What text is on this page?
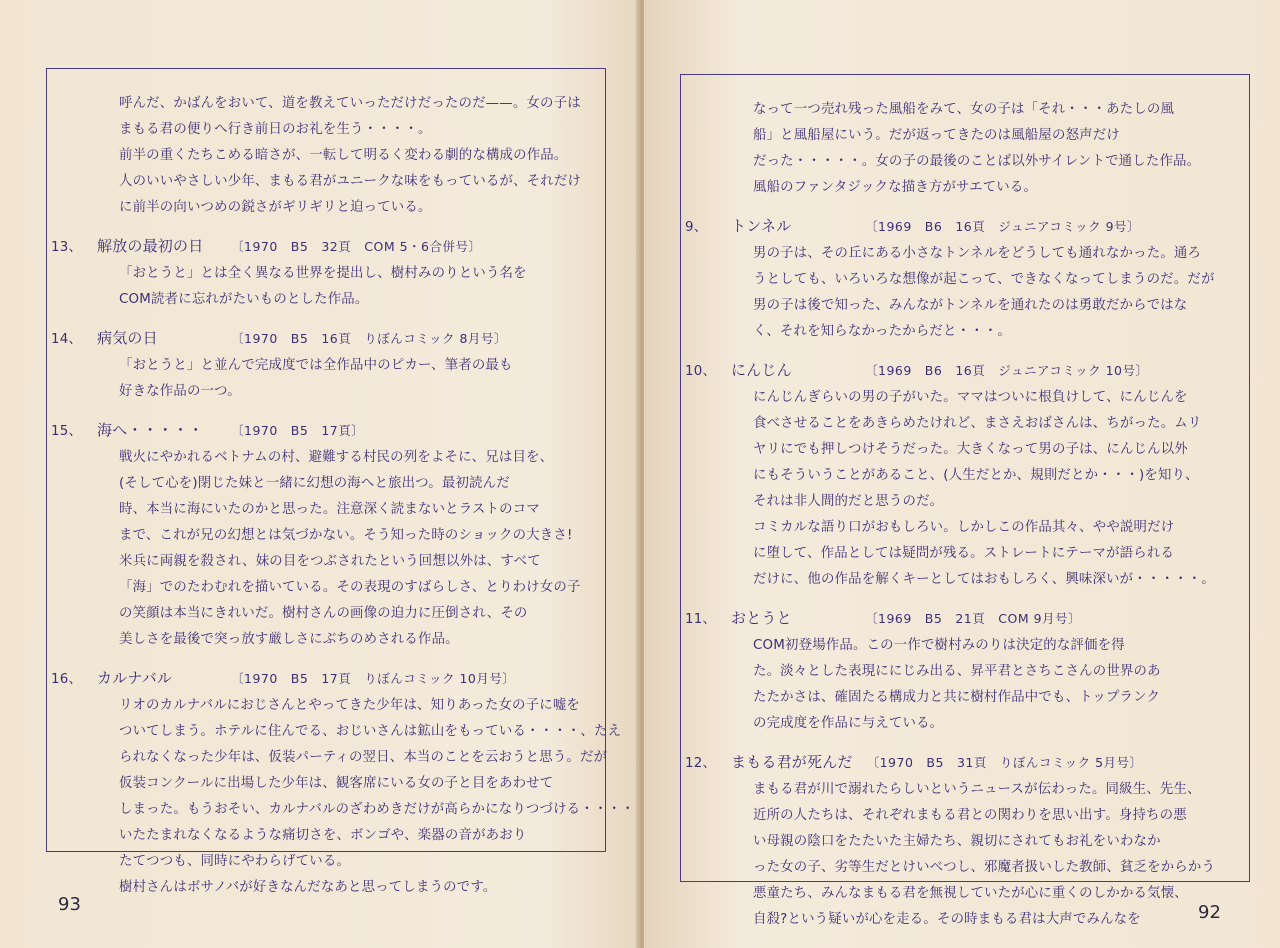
呼んだ、かばんをおいて、道を教えていっただけだったのだ——。女の子は
まもる君の便りへ行き前日のお礼を生う・・・・。
前半の重くたちこめる暗さが、一転して明るく変わる劇的な構成の作品。
人のいいやさしい少年、まもる君がユニークな味をもっているが、それだけ
に前半の向いつめの鋭さがギリギリと迫っている。
13、 解放の最初の日 〔1970　B5　32頁　COM 5・6合併号〕
「おとうと」とは全く異なる世界を提出し、樹村みのりという名を
COM読者に忘れがたいものとした作品。
14、 病気の日	〔1970　B5　16頁　りぼんコミック 8月号〕
「おとうと」と並んで完成度では全作品中のピカー、筆者の最も
好きな作品の一つ。
15、 海へ・・・・・ 〔1970　B5　17頁〕
戦火にやかれるベトナムの村、避難する村民の列をよそに、兄は目を、
(そして心を)閉じた妹と一緒に幻想の海へと旅出つ。最初読んだ
時、本当に海にいたのかと思った。注意深く読まないとラストのコマ
まで、これが兄の幻想とは気づかない。そう知った時のショックの大きさ!
米兵に両親を殺され、妹の目をつぶされたという回想以外は、すべて
「海」でのたわむれを描いている。その表現のすばらしさ、とりわけ女の子
の笑顔は本当にきれいだ。樹村さんの画像の迫力に圧倒され、その
美しさを最後で突っ放す厳しさにぶちのめされる作品。
16、 カルナバル	〔1970　B5　17頁　りぼんコミック 10月号〕
リオのカルナバルにおじさんとやってきた少年は、知りあった女の子に嘘を
ついてしまう。ホテルに住んでる、おじいさんは鉱山をもっている・・・・、たえ
られなくなった少年は、仮装パーティの翌日、本当のことを云おうと思う。だが
仮装コンクールに出場した少年は、観客席にいる女の子と目をあわせて
しまった。もうおそい、カルナバルのざわめきだけが高らかになりつづける・・・・
いたたまれなくなるような痛切さを、ボンゴや、楽器の音があおり
たてつつも、同時にやわらげている。
樹村さんはボサノバが好きなんだなあと思ってしまうのです。
93
なって一つ売れ残った風船をみて、女の子は「それ・・・あたしの風
船」と風船屋にいう。だが返ってきたのは風船屋の怒声だけ
だった・・・・・。女の子の最後のことば以外サイレントで通した作品。
風船のファンタジックな描き方がサエている。
9、 トンネル	〔1969　B6　16頁　ジュニアコミック 9号〕
男の子は、その丘にある小さなトンネルをどうしても通れなかった。通ろ
うとしても、いろいろな想像が起こって、できなくなってしまうのだ。だが
男の子は後で知った、みんながトンネルを通れたのは勇敢だからではな
く、それを知らなかったからだと・・・。
10、 にんじん	〔1969　B6　16頁　ジュニアコミック 10号〕
にんじんぎらいの男の子がいた。ママはついに根負けして、にんじんを
食べさせることをあきらめたけれど、まさえおばさんは、ちがった。ムリ
ヤリにでも押しつけそうだった。大きくなって男の子は、にんじん以外
にもそういうことがあること、(人生だとか、規則だとか・・・)を知り、
それは非人間的だと思うのだ。
コミカルな語り口がおもしろい。しかしこの作品其々、やや説明だけ
に堕して、作品としては疑問が残る。ストレートにテーマが語られる
だけに、他の作品を解くキーとしてはおもしろく、興味深いが・・・・・。
11、 おとうと	〔1969　B5　21頁　COM 9月号〕
COM初登場作品。この一作で樹村みのりは決定的な評価を得
た。淡々とした表現ににじみ出る、昇平君とさちこさんの世界のあ
たたかさは、確固たる構成力と共に樹村作品中でも、トップランク
の完成度を作品に与えている。
12、 まもる君が死んだ 〔1970　B5　31頁　りぼんコミック 5月号〕
まもる君が川で溺れたらしいというニュースが伝わった。同級生、先生、
近所の人たちは、それぞれまもる君との関わりを思い出す。身持ちの悪
い母親の陰口をたたいた主婦たち、親切にされてもお礼をいわなか
った女の子、劣等生だとけいべつし、邪魔者扱いした教師、貧乏をからかう
悪童たち、みんなまもる君を無視していたが心に重くのしかかる気懐、
自殺?という疑いが心を走る。その時まもる君は大声でみんなを	92
